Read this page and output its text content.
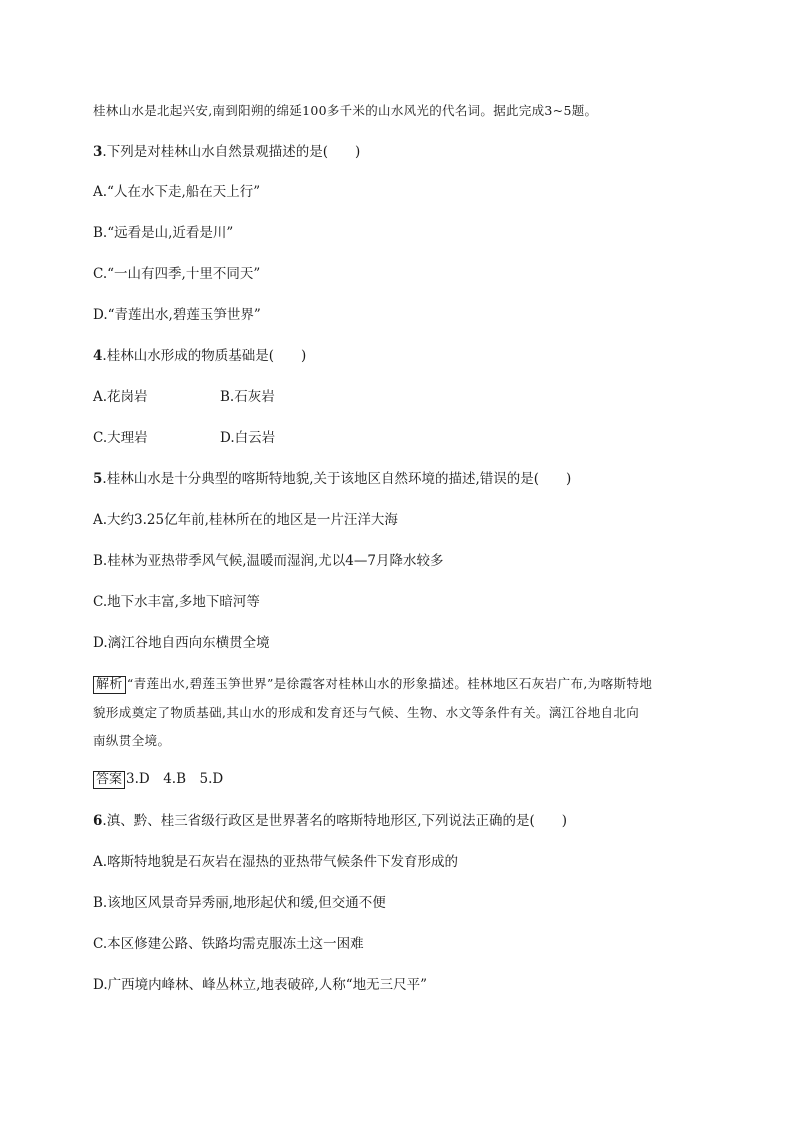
桂林山水是北起兴安,南到阳朔的绵延100多千米的山水风光的代名词。据此完成3~5题。
3.下列是对桂林山水自然景观描述的是(　　)
A.“人在水下走,船在天上行”
B.“远看是山,近看是川”
C.“一山有四季,十里不同天”
D.“青莲出水,碧莲玉笋世界”
4.桂林山水形成的物质基础是(　　)
A.花岗岩	B.石灰岩
C.大理岩	D.白云岩
5.桂林山水是十分典型的喀斯特地貌,关于该地区自然环境的描述,错误的是(　　)
A.大约3.25亿年前,桂林所在的地区是一片汪洋大海
B.桂林为亚热带季风气候,温暖而湿润,尤以4—7月降水较多
C.地下水丰富,多地下暗河等
D.漓江谷地自西向东横贯全境
解析 “青莲出水,碧莲玉笋世界”是徐霞客对桂林山水的形象描述。桂林地区石灰岩广布,为喀斯特地
貌形成奠定了物质基础,其山水的形成和发育还与气候、生物、水文等条件有关。漓江谷地自北向
南纵贯全境。
答案 3.D　4.B　5.D
6.滇、黔、桂三省级行政区是世界著名的喀斯特地形区,下列说法正确的是(　　)
A.喀斯特地貌是石灰岩在湿热的亚热带气候条件下发育形成的
B.该地区风景奇异秀丽,地形起伏和缓,但交通不便
C.本区修建公路、铁路均需克服冻土这一困难
D.广西境内峰林、峰丛林立,地表破碎,人称“地无三尺平”
